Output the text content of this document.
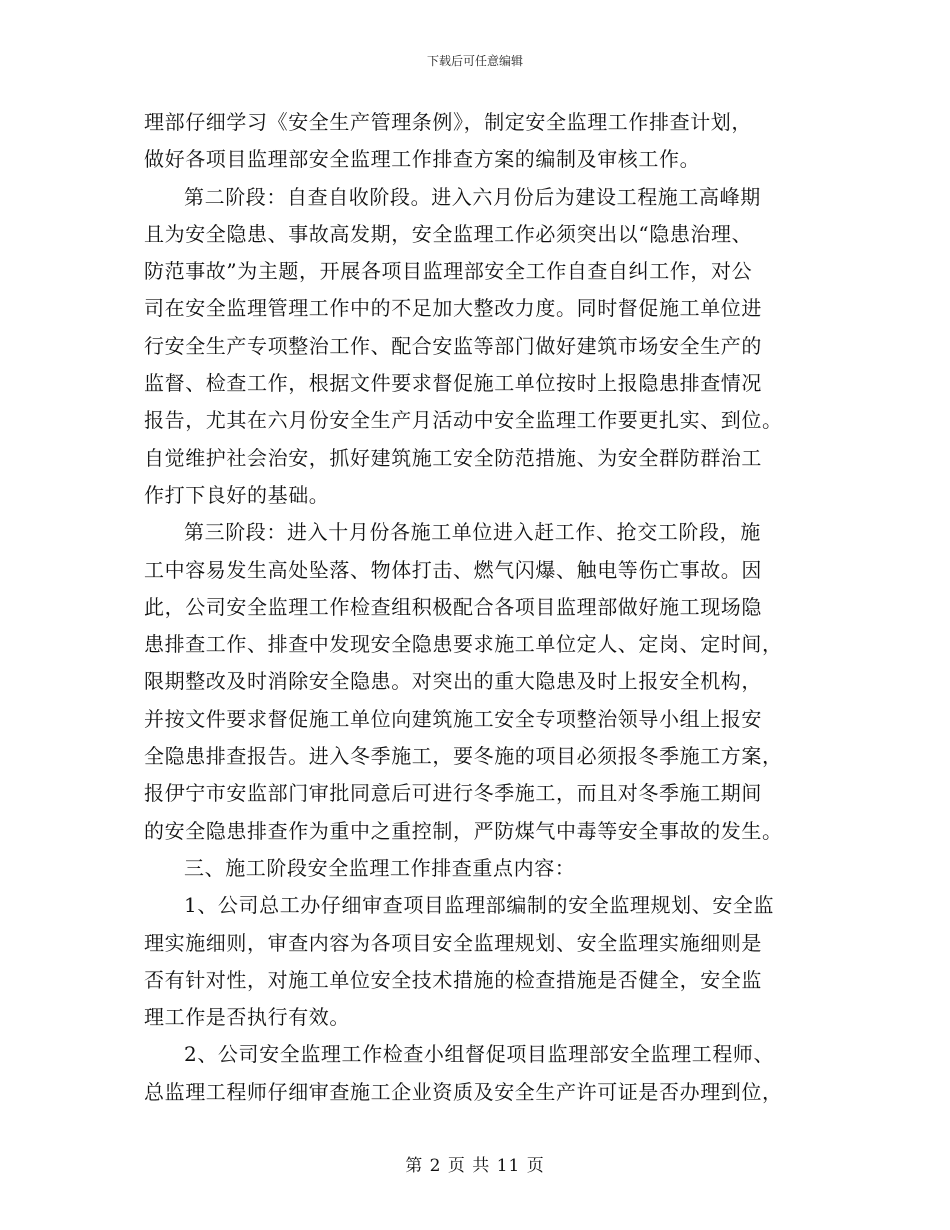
下载后可任意编辑
理部仔细学习《安全生产管理条例》，制定安全监理工作排查计划，
做好各项目监理部安全监理工作排查方案的编制及审核工作。
第二阶段：自查自收阶段。进入六月份后为建设工程施工高峰期
且为安全隐患、事故高发期，安全监理工作必须突出以“隐患治理、
防范事故”为主题，开展各项目监理部安全工作自查自纠工作，对公
司在安全监理管理工作中的不足加大整改力度。同时督促施工单位进
行安全生产专项整治工作、配合安监等部门做好建筑市场安全生产的
监督、检查工作，根据文件要求督促施工单位按时上报隐患排查情况
报告，尤其在六月份安全生产月活动中安全监理工作要更扎实、到位。
自觉维护社会治安，抓好建筑施工安全防范措施、为安全群防群治工
作打下良好的基础。
第三阶段：进入十月份各施工单位进入赶工作、抢交工阶段，施
工中容易发生高处坠落、物体打击、燃气闪爆、触电等伤亡事故。因
此，公司安全监理工作检查组积极配合各项目监理部做好施工现场隐
患排查工作、排查中发现安全隐患要求施工单位定人、定岗、定时间，
限期整改及时消除安全隐患。对突出的重大隐患及时上报安全机构，
并按文件要求督促施工单位向建筑施工安全专项整治领导小组上报安
全隐患排查报告。进入冬季施工，要冬施的项目必须报冬季施工方案，
报伊宁市安监部门审批同意后可进行冬季施工，而且对冬季施工期间
的安全隐患排查作为重中之重控制，严防煤气中毒等安全事故的发生。
三、施工阶段安全监理工作排查重点内容：
1、公司总工办仔细审查项目监理部编制的安全监理规划、安全监
理实施细则，审查内容为各项目安全监理规划、安全监理实施细则是
否有针对性，对施工单位安全技术措施的检查措施是否健全，安全监
理工作是否执行有效。
2、公司安全监理工作检查小组督促项目监理部安全监理工程师、
总监理工程师仔细审查施工企业资质及安全生产许可证是否办理到位，
第 2 页 共 11 页
